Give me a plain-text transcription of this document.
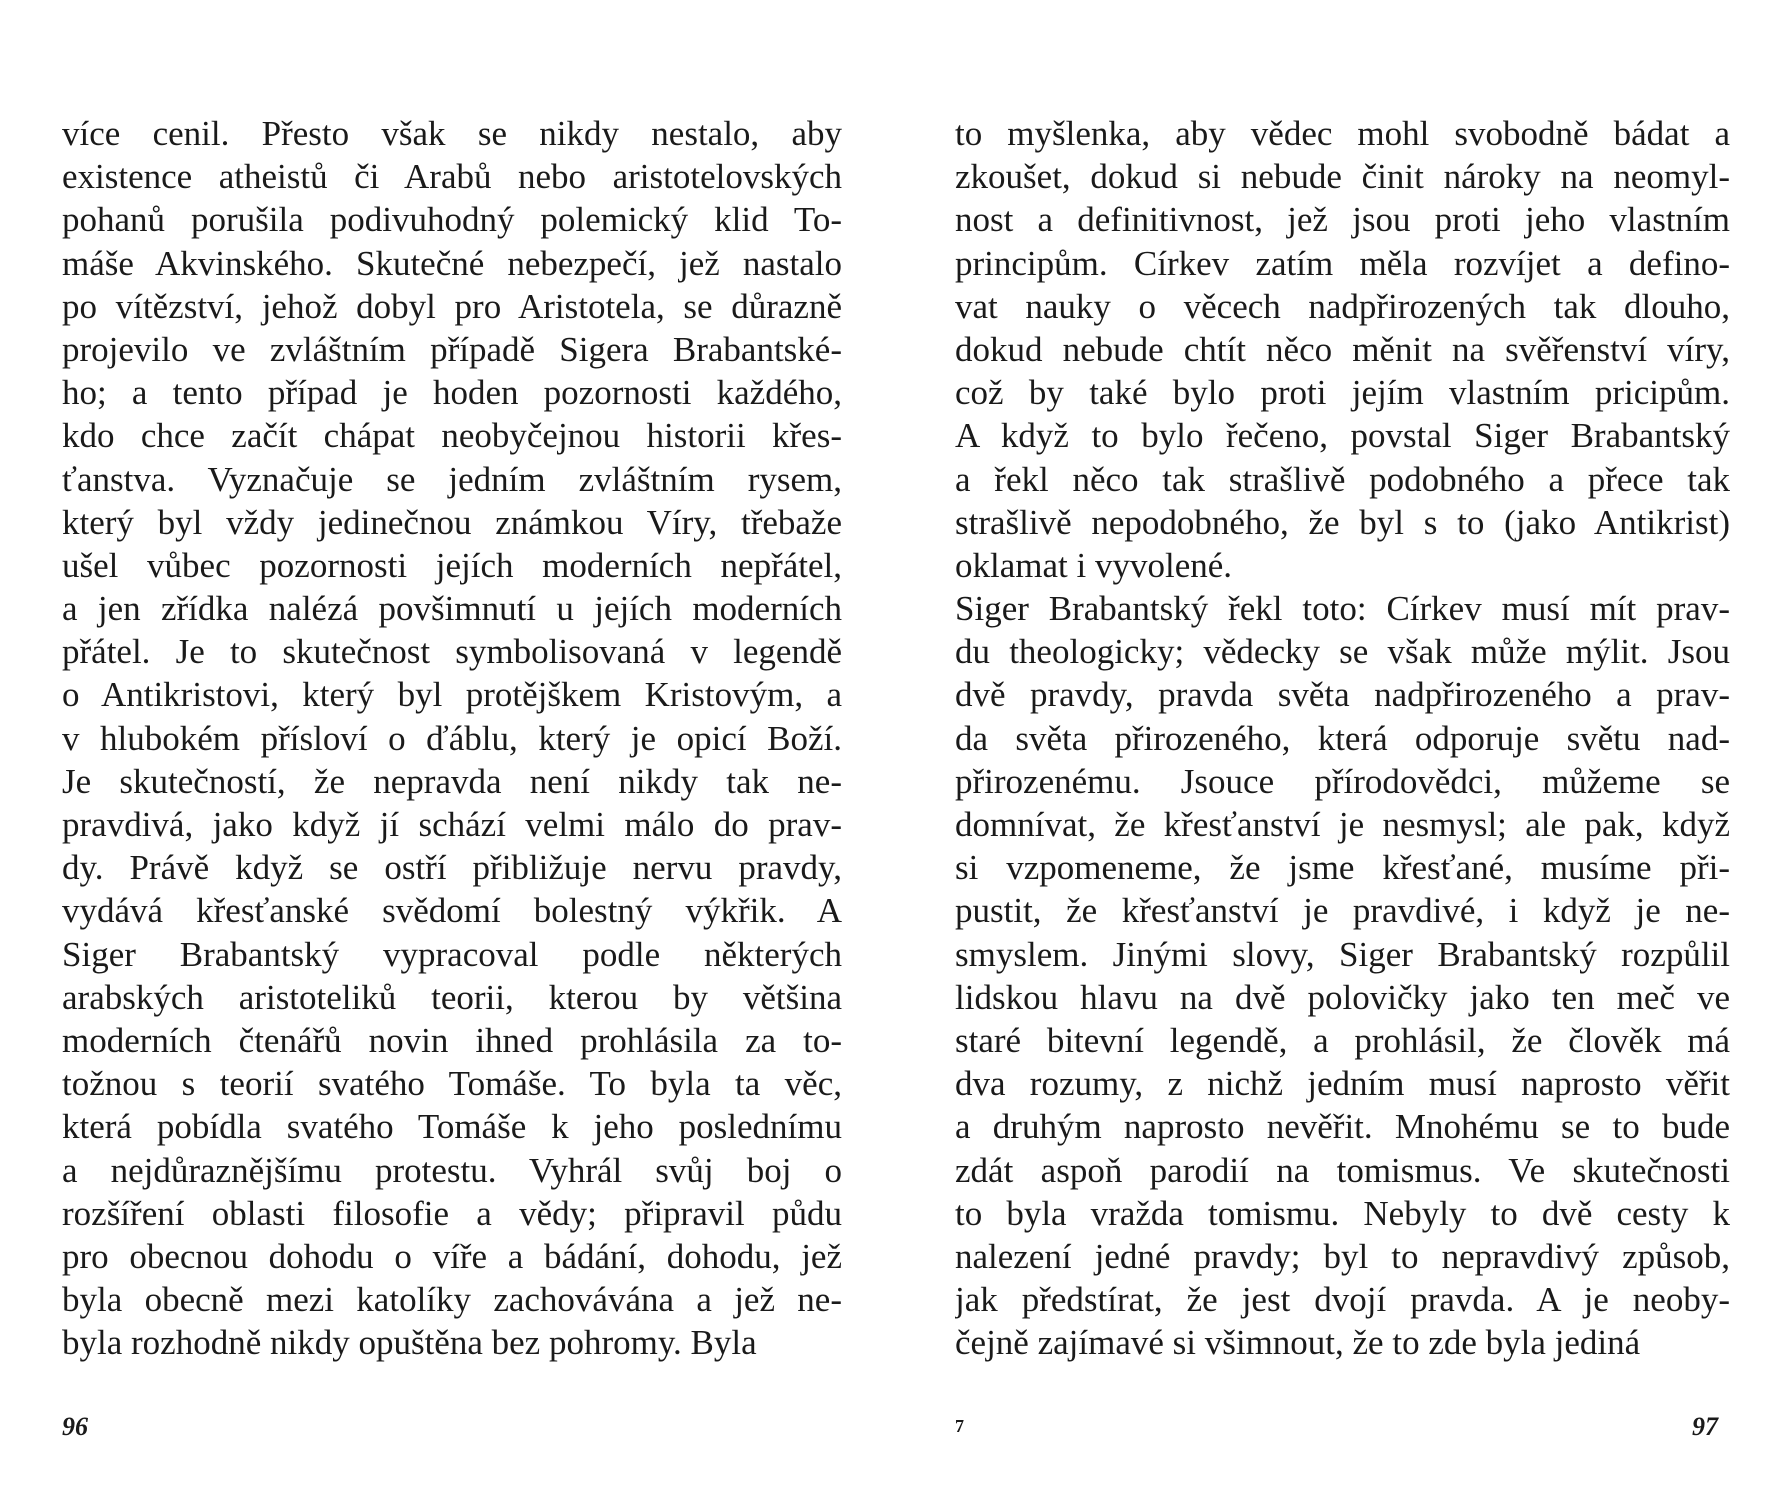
více cenil. Přesto však se nikdy nestalo, aby
existence atheistů či Arabů nebo aristotelovských
pohanů porušila podivuhodný polemický klid To-
máše Akvinského. Skutečné nebezpečí, jež nastalo
po vítězství, jehož dobyl pro Aristotela, se důrazně
projevilo ve zvláštním případě Sigera Brabantské-
ho; a tento případ je hoden pozornosti každého,
kdo chce začít chápat neobyčejnou historii křes-
ťanstva. Vyznačuje se jedním zvláštním rysem,
který byl vždy jedinečnou známkou Víry, třebaže
ušel vůbec pozornosti jejích moderních nepřátel,
a jen zřídka nalézá povšimnutí u jejích moderních
přátel. Je to skutečnost symbolisovaná v legendě
o Antikristovi, který byl protějškem Kristovým, a
v hlubokém přísloví o ďáblu, který je opicí Boží.
Je skutečností, že nepravda není nikdy tak ne-
pravdivá, jako když jí schází velmi málo do prav-
dy. Právě když se ostří přibližuje nervu pravdy,
vydává křesťanské svědomí bolestný výkřik. A
Siger Brabantský vypracoval podle některých
arabských aristoteliků teorii, kterou by většina
moderních čtenářů novin ihned prohlásila za to-
tožnou s teorií svatého Tomáše. To byla ta věc,
která pobídla svatého Tomáše k jeho poslednímu
a nejdůraznějšímu protestu. Vyhrál svůj boj o
rozšíření oblasti filosofie a vědy; připravil půdu
pro obecnou dohodu o víře a bádání, dohodu, jež
byla obecně mezi katolíky zachovávána a jež ne-
byla rozhodně nikdy opuštěna bez pohromy. Byla
to myšlenka, aby vědec mohl svobodně bádat a
zkoušet, dokud si nebude činit nároky na neomyl-
nost a definitivnost, jež jsou proti jeho vlastním
principům. Církev zatím měla rozvíjet a defino-
vat nauky o věcech nadpřirozených tak dlouho,
dokud nebude chtít něco měnit na svěřenství víry,
což by také bylo proti jejím vlastním pricipům.
A když to bylo řečeno, povstal Siger Brabantský
a řekl něco tak strašlivě podobného a přece tak
strašlivě nepodobného, že byl s to (jako Antikrist)
oklamat i vyvolené.
Siger Brabantský řekl toto: Církev musí mít prav-
du theologicky; vědecky se však může mýlit. Jsou
dvě pravdy, pravda světa nadpřirozeného a prav-
da světa přirozeného, která odporuje světu nad-
přirozenému. Jsouce přírodovědci, můžeme se
domnívat, že křesťanství je nesmysl; ale pak, když
si vzpomeneme, že jsme křesťané, musíme při-
pustit, že křesťanství je pravdivé, i když je ne-
smyslem. Jinými slovy, Siger Brabantský rozpůlil
lidskou hlavu na dvě polovičky jako ten meč ve
staré bitevní legendě, a prohlásil, že člověk má
dva rozumy, z nichž jedním musí naprosto věřit
a druhým naprosto nevěřit. Mnohému se to bude
zdát aspoň parodií na tomismus. Ve skutečnosti
to byla vražda tomismu. Nebyly to dvě cesty k
nalezení jedné pravdy; byl to nepravdivý způsob,
jak předstírat, že jest dvojí pravda. A je neoby-
čejně zajímavé si všimnout, že to zde byla jediná
96	7	97
